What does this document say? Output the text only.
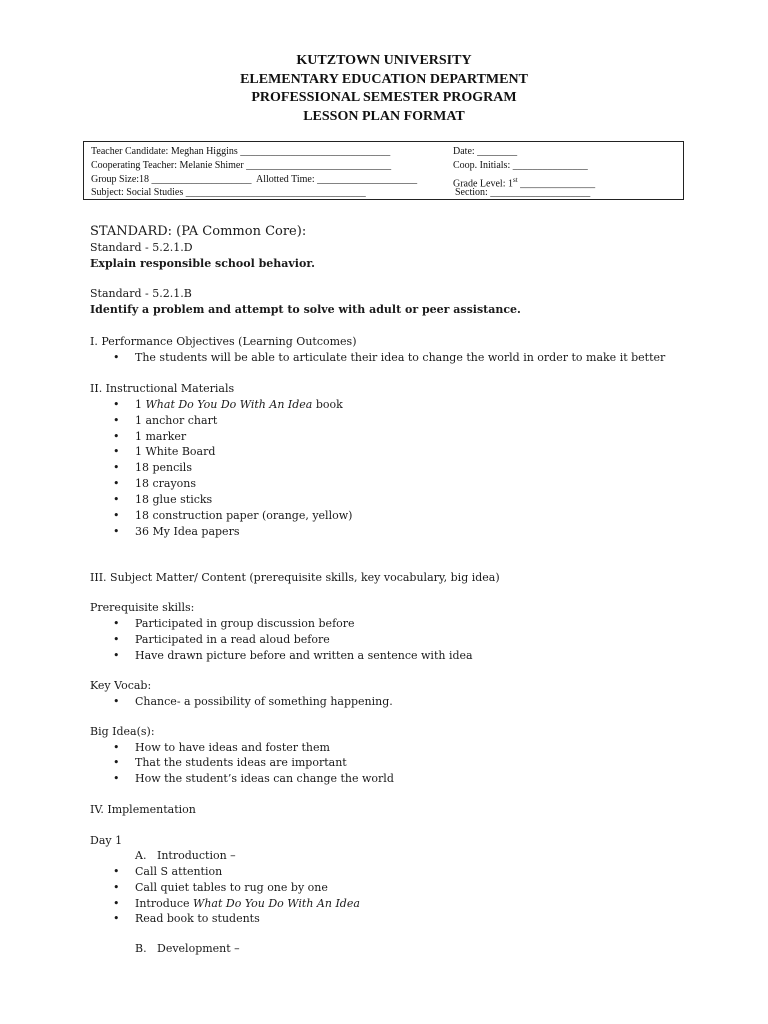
KUTZTOWN UNIVERSITY
ELEMENTARY EDUCATION DEPARTMENT
PROFESSIONAL SEMESTER PROGRAM
LESSON PLAN FORMAT
Teacher Candidate: Meghan Higgins ______________________________	Date: ________
Cooperating Teacher: Melanie Shimer _____________________________	Coop. Initials: _______________
Group Size:18 ____________________ Allotted Time: ____________________	Grade Level: 1st _______________
Subject: Social Studies ____________________________________	Section: ____________________
STANDARD: (PA Common Core):
Standard - 5.2.1.D
Explain responsible school behavior.
Standard - 5.2.1.B
Identify a problem and attempt to solve with adult or peer assistance.
I. Performance Objectives (Learning Outcomes)
The students will be able to articulate their idea to change the world in order to make it better
II. Instructional Materials
1 What Do You Do With An Idea book
1 anchor chart
1 marker
1 White Board
18 pencils
18 crayons
18 glue sticks
18 construction paper (orange, yellow)
36 My Idea papers
III. Subject Matter/ Content (prerequisite skills, key vocabulary, big idea)
Prerequisite skills:
Participated in group discussion before
Participated in a read aloud before
Have drawn picture before and written a sentence with idea
Key Vocab:
Chance- a possibility of something happening.
Big Idea(s):
How to have ideas and foster them
That the students ideas are important
How the student’s ideas can change the world
IV. Implementation
Day 1
A. Introduction –
Call S attention
Call quiet tables to rug one by one
Introduce What Do You Do With An Idea
Read book to students
B. Development –
